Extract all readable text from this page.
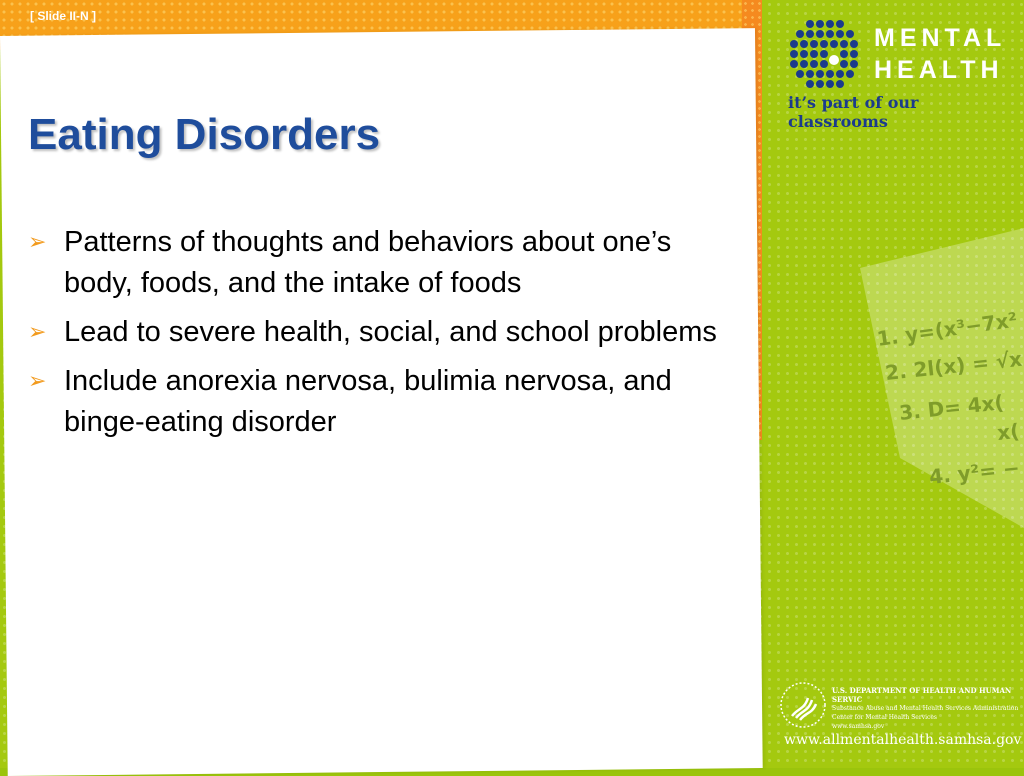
1. y=(x³−7x²
2. 2l(x) = √x
3. D= 4x(
x(
4. y²= −
MENTAL
HEALTH
it’s part of our classrooms
[ Slide II-N ]
Eating Disorders
➢ Patterns of thoughts and behaviors about one’s body, foods, and the intake of foods
➢ Lead to severe health, social, and school problems
➢ Include anorexia nervosa, bulimia nervosa, and binge-eating disorder
U.S. DEPARTMENT OF HEALTH AND HUMAN SERVIC
Substance Abuse and Mental Health Services Administration
Center for Mental Health Services
www.samhsa.gov
www.allmentalhealth.samhsa.gov
